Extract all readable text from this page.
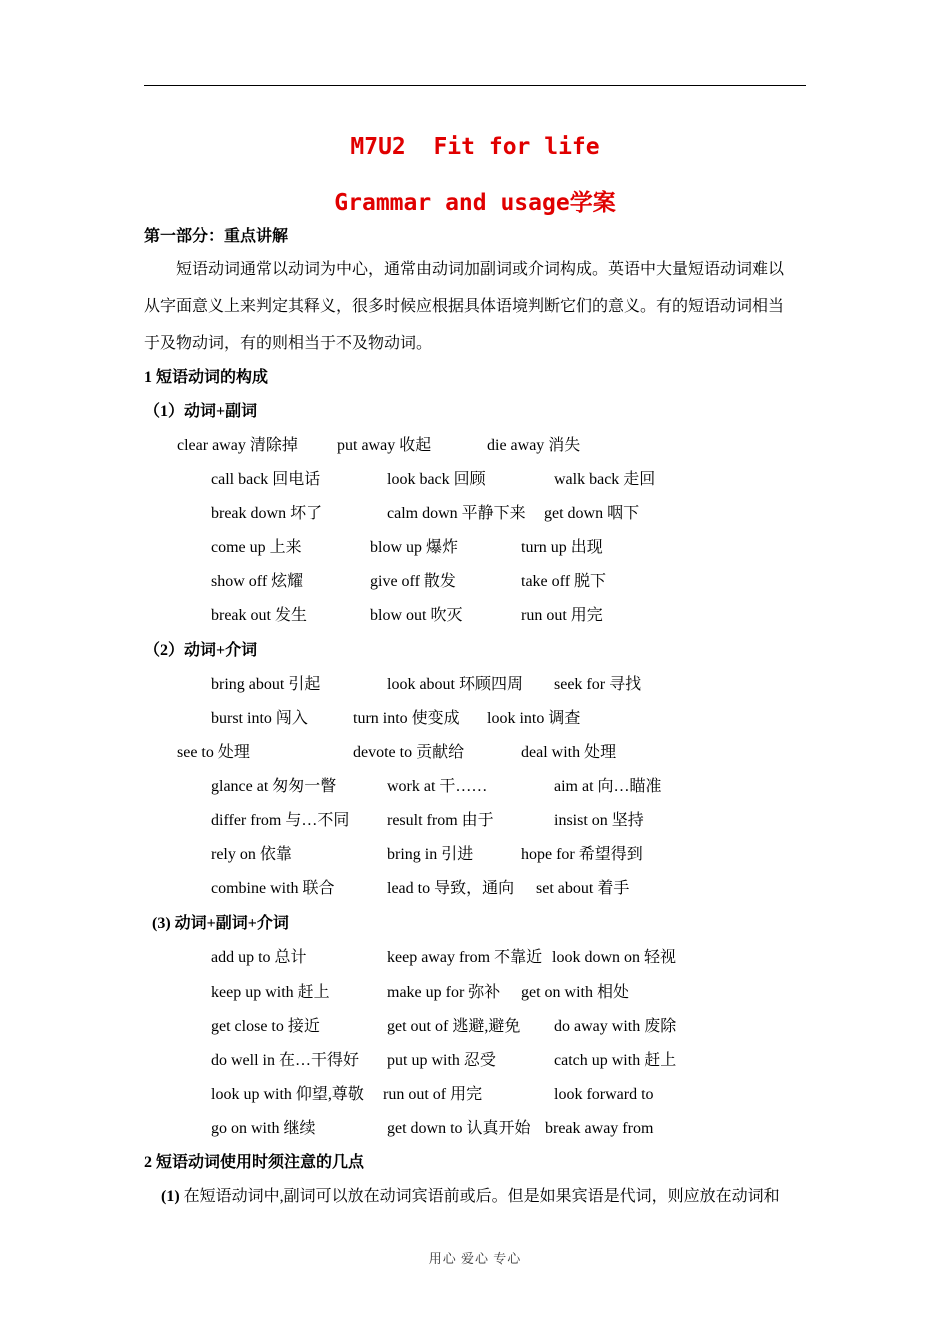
M7U2  Fit for life
Grammar and usage学案
第一部分：重点讲解
　　短语动词通常以动词为中心，通常由动词加副词或介词构成。英语中大量短语动词难以
从字面意义上来判定其释义，很多时候应根据具体语境判断它们的意义。有的短语动词相当
于及物动词，有的则相当于不及物动词。
1 短语动词的构成
（1）动词+副词
clear away 清除掉 put away 收起	die away 消失
call back 回电话	look back 回顾	walk back 走回
break down 坏了	calm down 平静下来 get down 咽下
come up 上来	blow up 爆炸	turn up 出现
show off 炫耀	give off 散发	take off 脱下
break out 发生	blow out 吹灭	run out 用完
（2）动词+介词
bring about 引起	look about 环顾四周 seek for 寻找
burst into 闯入	turn into 使变成 look into 调查
see to 处理	devote to 贡献给	deal with 处理
glance at 匆匆一瞥	work at 干……	aim at 向…瞄准
differ from 与…不同 result from 由于	insist on 坚持
rely on 依靠	bring in 引进	hope for 希望得到
combine with 联合	lead to 导致，通向 set about 着手
(3) 动词+副词+介词
add up to 总计	keep away from 不靠近 look down on 轻视
keep up with 赶上	make up for 弥补 get on with 相处
get close to 接近	get out of 逃避,避免 do away with 废除
do well in 在…干得好 put up with 忍受	catch up with 赶上
look up with 仰望,尊敬 run out of 用完	look forward to
go on with 继续	get down to 认真开始 break away from
2 短语动词使用时须注意的几点
(1) 在短语动词中,副词可以放在动词宾语前或后。但是如果宾语是代词，则应放在动词和
用心 爱心 专心
